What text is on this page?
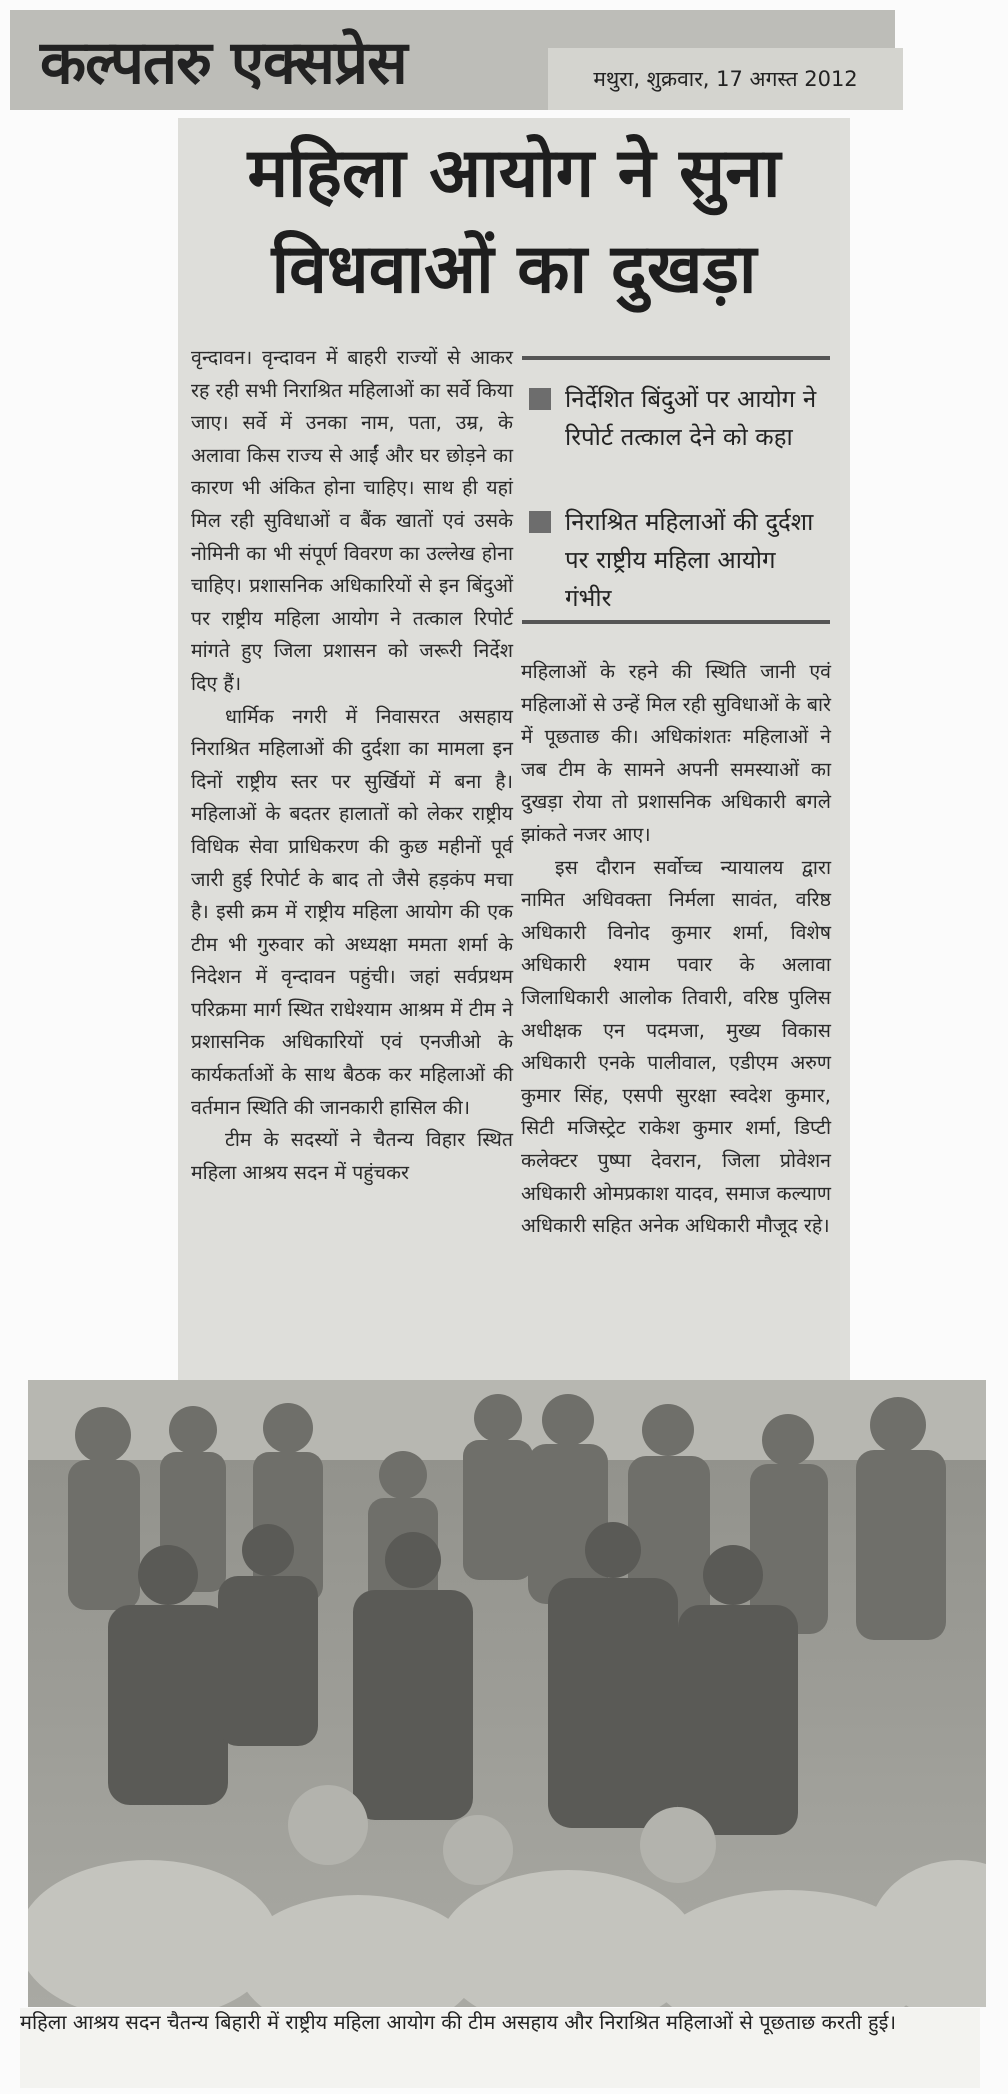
कल्पतरु एक्सप्रेस	मथुरा, शुक्रवार, 17 अगस्त 2012
महिला आयोग ने सुना
विधवाओं का दुखड़ा

वृन्दावन। वृन्दावन में बाहरी राज्यों से आकर रह रही सभी निराश्रित महिलाओं का सर्वे किया जाए। सर्वे में उनका नाम, पता, उम्र, के अलावा किस राज्य से आईं और घर छोड़ने का कारण भी अंकित होना चाहिए। साथ ही यहां मिल रही सुविधाओं व बैंक खातों एवं उसके नोमिनी का भी संपूर्ण विवरण का उल्लेख होना चाहिए। प्रशासनिक अधिकारियों से इन बिंदुओं पर राष्ट्रीय महिला आयोग ने तत्काल रिपोर्ट मांगते हुए जिला प्रशासन को जरूरी निर्देश दिए हैं।

धार्मिक नगरी में निवासरत असहाय निराश्रित महिलाओं की दुर्दशा का मामला इन दिनों राष्ट्रीय स्तर पर सुर्खियों में बना है। महिलाओं के बदतर हालातों को लेकर राष्ट्रीय विधिक सेवा प्राधिकरण की कुछ महीनों पूर्व जारी हुई रिपोर्ट के बाद तो जैसे हड़कंप मचा है। इसी क्रम में राष्ट्रीय महिला आयोग की एक टीम भी गुरुवार को अध्यक्षा ममता शर्मा के निदेशन में वृन्दावन पहुंची। जहां सर्वप्रथम परिक्रमा मार्ग स्थित राधेश्याम आश्रम में टीम ने प्रशासनिक अधिकारियों एवं एनजीओ के कार्यकर्ताओं के साथ बैठक कर महिलाओं की वर्तमान स्थिति की जानकारी हासिल की।

टीम के सदस्यों ने चैतन्य विहार स्थित महिला आश्रय सदन में पहुंचकर

निर्देशित बिंदुओं पर आयोग ने रिपोर्ट तत्काल देने को कहा
निराश्रित महिलाओं की दुर्दशा पर राष्ट्रीय महिला आयोग गंभीर

महिलाओं के रहने की स्थिति जानी एवं महिलाओं से उन्हें मिल रही सुविधाओं के बारे में पूछताछ की। अधिकांशतः महिलाओं ने जब टीम के सामने अपनी समस्याओं का दुखड़ा रोया तो प्रशासनिक अधिकारी बगले झांकते नजर आए।

इस दौरान सर्वोच्च न्यायालय द्वारा नामित अधिवक्ता निर्मला सावंत, वरिष्ठ अधिकारी विनोद कुमार शर्मा, विशेष अधिकारी श्याम पवार के अलावा जिलाधिकारी आलोक तिवारी, वरिष्ठ पुलिस अधीक्षक एन पदमजा, मुख्य विकास अधिकारी एनके पालीवाल, एडीएम अरुण कुमार सिंह, एसपी सुरक्षा स्वदेश कुमार, सिटी मजिस्ट्रेट राकेश कुमार शर्मा, डिप्टी कलेक्टर पुष्पा देवरान, जिला प्रोवेशन अधिकारी ओमप्रकाश यादव, समाज कल्याण अधिकारी सहित अनेक अधिकारी मौजूद रहे।

महिला आश्रय सदन चैतन्य बिहारी में राष्ट्रीय महिला आयोग की टीम असहाय और निराश्रित महिलाओं से पूछताछ करती हुई।
